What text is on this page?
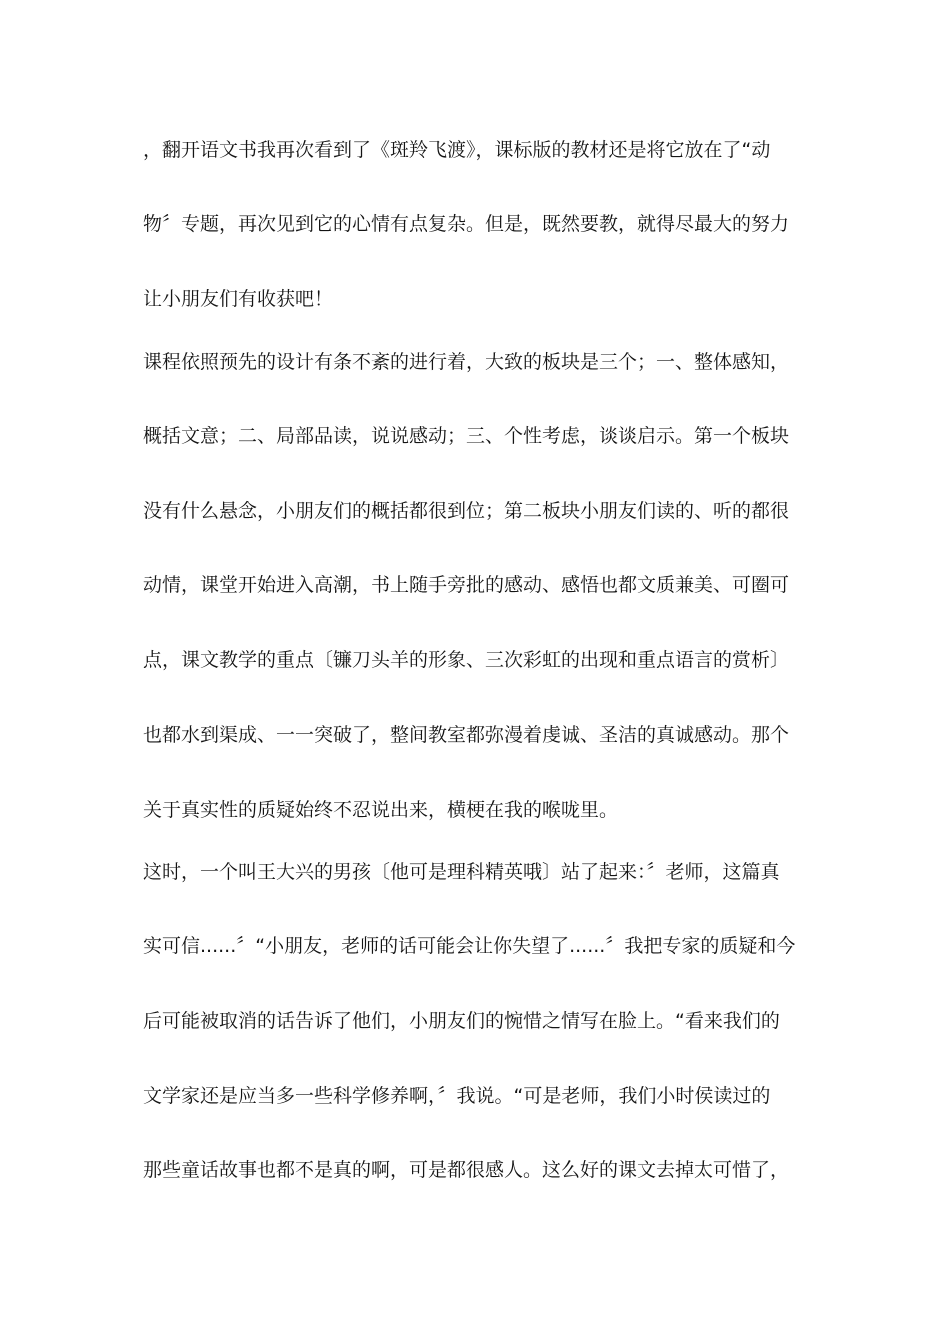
，翻开语文书我再次看到了《斑羚飞渡》，课标版的教材还是将它放在了“动
物〞专题，再次见到它的心情有点复杂。但是，既然要教，就得尽最大的努力
让小朋友们有收获吧！
课程依照预先的设计有条不紊的进行着，大致的板块是三个；一、整体感知，
概括文意；二、局部品读，说说感动；三、个性考虑，谈谈启示。第一个板块
没有什么悬念，小朋友们的概括都很到位；第二板块小朋友们读的、听的都很
动情，课堂开始进入高潮，书上随手旁批的感动、感悟也都文质兼美、可圈可
点，课文教学的重点〔镰刀头羊的形象、三次彩虹的出现和重点语言的赏析〕
也都水到渠成、一一突破了，整间教室都弥漫着虔诚、圣洁的真诚感动。那个
关于真实性的质疑始终不忍说出来，横梗在我的喉咙里。
这时，一个叫王大兴的男孩〔他可是理科精英哦〕站了起来：〞老师，这篇真
实可信......〞“小朋友，老师的话可能会让你失望了......〞我把专家的质疑和今
后可能被取消的话告诉了他们，小朋友们的惋惜之情写在脸上。“看来我们的
文学家还是应当多一些科学修养啊，〞我说。“可是老师，我们小时侯读过的
那些童话故事也都不是真的啊，可是都很感人。这么好的课文去掉太可惜了，
